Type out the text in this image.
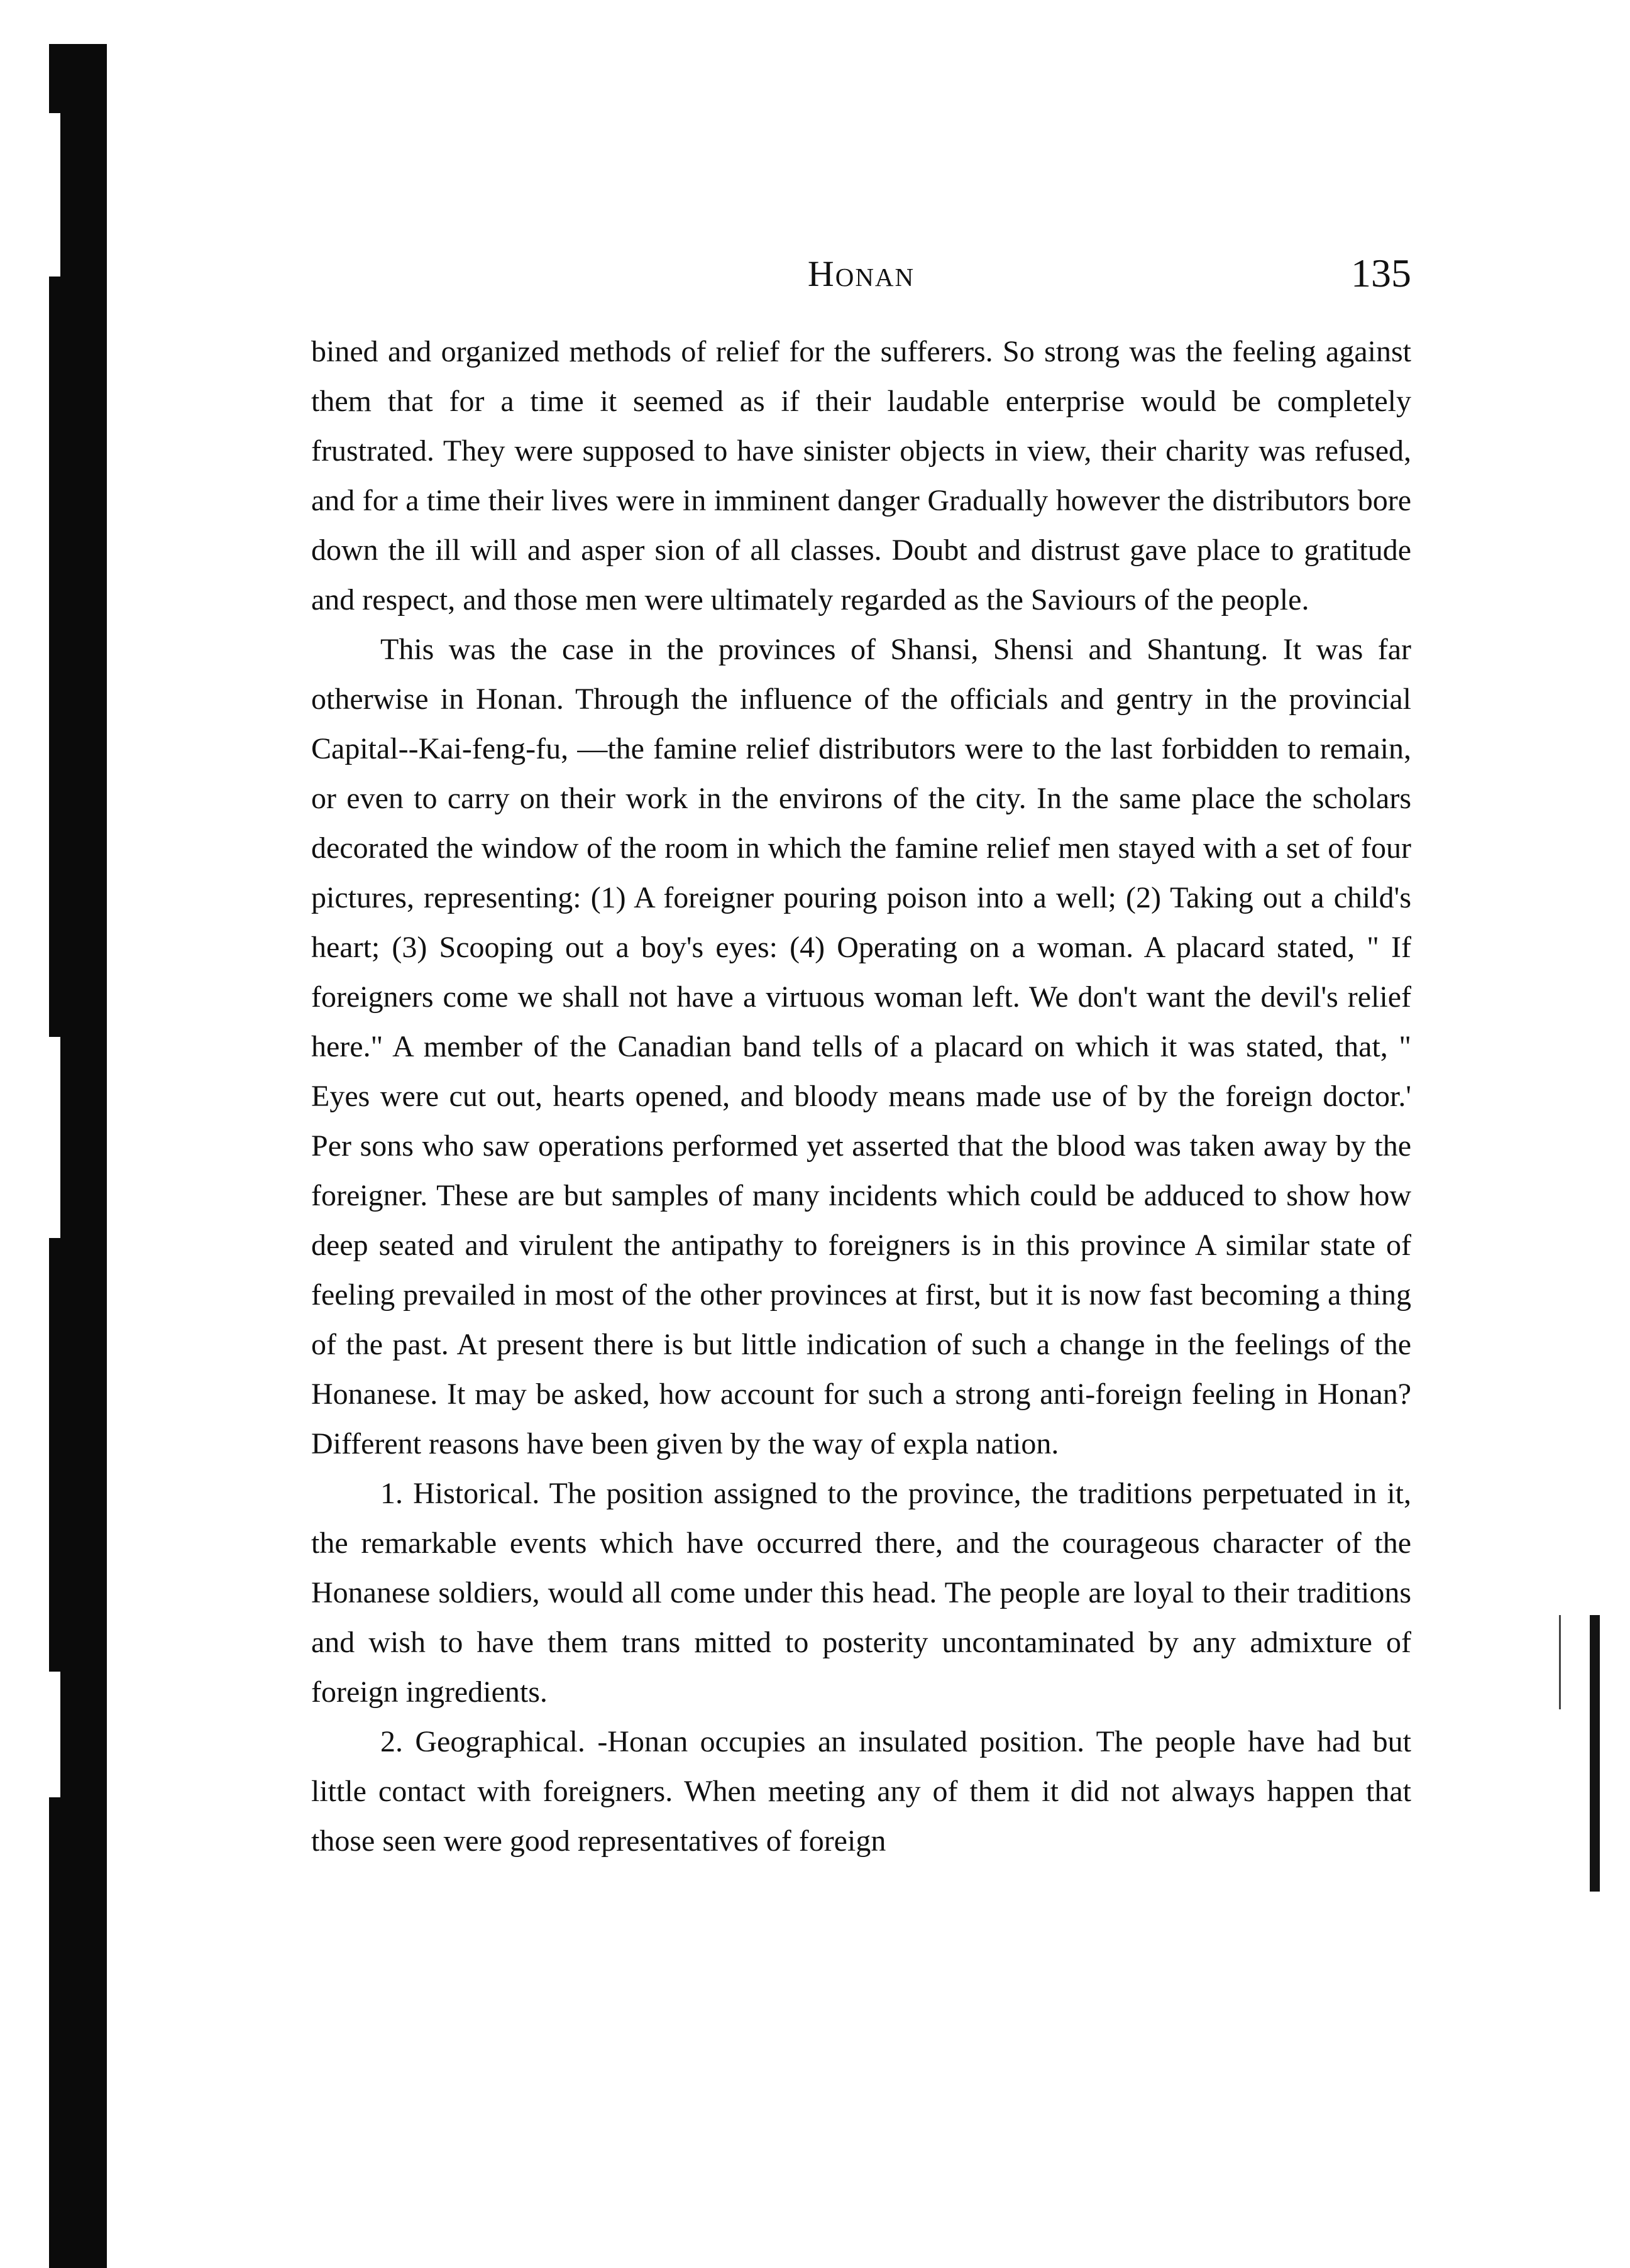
Honan	135

bined and organized methods of relief for the sufferers. So strong was the feeling against them that for a time it seemed as if their laudable enterprise would be completely frustrated. They were supposed to have sinister objects in view, their charity was refused, and for a time their lives were in imminent danger Gradually however the distributors bore down the ill will and asper sion of all classes. Doubt and distrust gave place to gratitude and respect, and those men were ultimately regarded as the Saviours of the people.

This was the case in the provinces of Shansi, Shensi and Shantung. It was far otherwise in Honan. Through the influence of the officials and gentry in the provincial Capital--Kai-feng-fu, —the famine relief distributors were to the last forbidden to remain, or even to carry on their work in the environs of the city. In the same place the scholars decorated the window of the room in which the famine relief men stayed with a set of four pictures, representing: (1) A foreigner pouring poison into a well; (2) Taking out a child's heart; (3) Scooping out a boy's eyes: (4) Operating on a woman. A placard stated, " If foreigners come we shall not have a virtuous woman left. We don't want the devil's relief here." A member of the Canadian band tells of a placard on which it was stated, that, " Eyes were cut out, hearts opened, and bloody means made use of by the foreign doctor.' Per sons who saw operations performed yet asserted that the blood was taken away by the foreigner. These are but samples of many incidents which could be adduced to show how deep seated and virulent the antipathy to foreigners is in this province A similar state of feeling prevailed in most of the other provinces at first, but it is now fast becoming a thing of the past. At present there is but little indication of such a change in the feelings of the Honanese. It may be asked, how account for such a strong anti-foreign feeling in Honan? Different reasons have been given by the way of expla nation.

1. Historical. The position assigned to the province, the traditions perpetuated in it, the remarkable events which have occurred there, and the courageous character of the Honanese soldiers, would all come under this head. The people are loyal to their traditions and wish to have them trans mitted to posterity uncontaminated by any admixture of foreign ingredients.

2. Geographical. -Honan occupies an insulated position. The people have had but little contact with foreigners. When meeting any of them it did not always happen that those seen were good representatives of foreign
